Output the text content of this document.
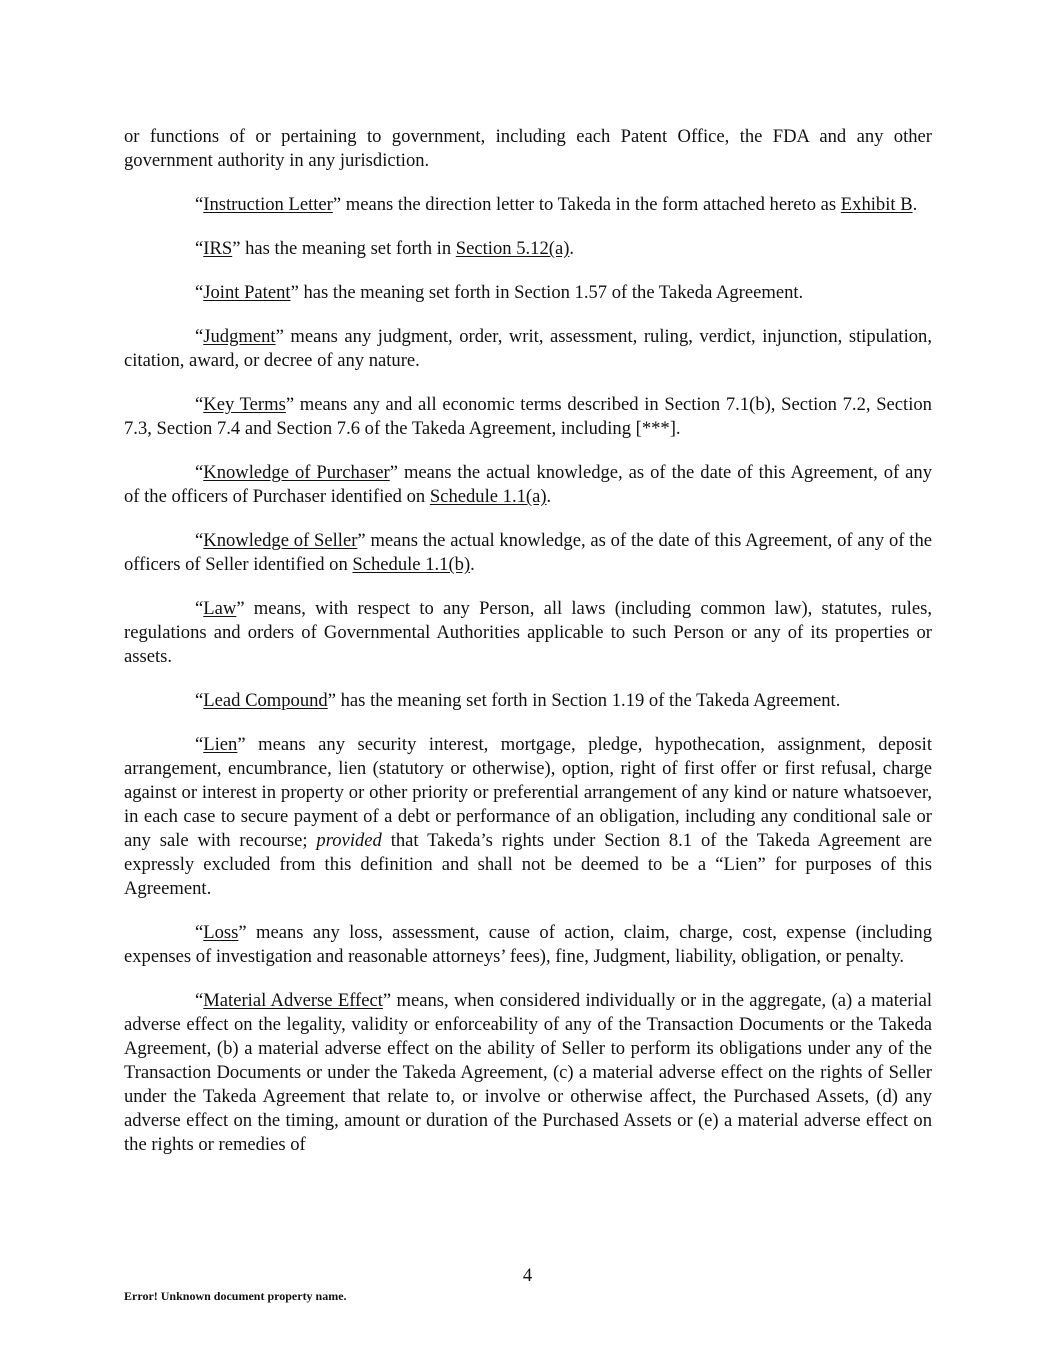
or functions of or pertaining to government, including each Patent Office, the FDA and any other government authority in any jurisdiction.

“Instruction Letter” means the direction letter to Takeda in the form attached hereto as Exhibit B.

“IRS” has the meaning set forth in Section 5.12(a).

“Joint Patent” has the meaning set forth in Section 1.57 of the Takeda Agreement.

“Judgment” means any judgment, order, writ, assessment, ruling, verdict, injunction, stipulation, citation, award, or decree of any nature.

“Key Terms” means any and all economic terms described in Section 7.1(b), Section 7.2, Section 7.3, Section 7.4 and Section 7.6 of the Takeda Agreement, including [***].

“Knowledge of Purchaser” means the actual knowledge, as of the date of this Agreement, of any of the officers of Purchaser identified on Schedule 1.1(a).

“Knowledge of Seller” means the actual knowledge, as of the date of this Agreement, of any of the officers of Seller identified on Schedule 1.1(b).

“Law” means, with respect to any Person, all laws (including common law), statutes, rules, regulations and orders of Governmental Authorities applicable to such Person or any of its properties or assets.

“Lead Compound” has the meaning set forth in Section 1.19 of the Takeda Agreement.

“Lien” means any security interest, mortgage, pledge, hypothecation, assignment, deposit arrangement, encumbrance, lien (statutory or otherwise), option, right of first offer or first refusal, charge against or interest in property or other priority or preferential arrangement of any kind or nature whatsoever, in each case to secure payment of a debt or performance of an obligation, including any conditional sale or any sale with recourse; provided that Takeda’s rights under Section 8.1 of the Takeda Agreement are expressly excluded from this definition and shall not be deemed to be a “Lien” for purposes of this Agreement.

“Loss” means any loss, assessment, cause of action, claim, charge, cost, expense (including expenses of investigation and reasonable attorneys’ fees), fine, Judgment, liability, obligation, or penalty.

“Material Adverse Effect” means, when considered individually or in the aggregate, (a) a material adverse effect on the legality, validity or enforceability of any of the Transaction Documents or the Takeda Agreement, (b) a material adverse effect on the ability of Seller to perform its obligations under any of the Transaction Documents or under the Takeda Agreement, (c) a material adverse effect on the rights of Seller under the Takeda Agreement that relate to, or involve or otherwise affect, the Purchased Assets, (d) any adverse effect on the timing, amount or duration of the Purchased Assets or (e) a material adverse effect on the rights or remedies of

4
Error! Unknown document property name.
